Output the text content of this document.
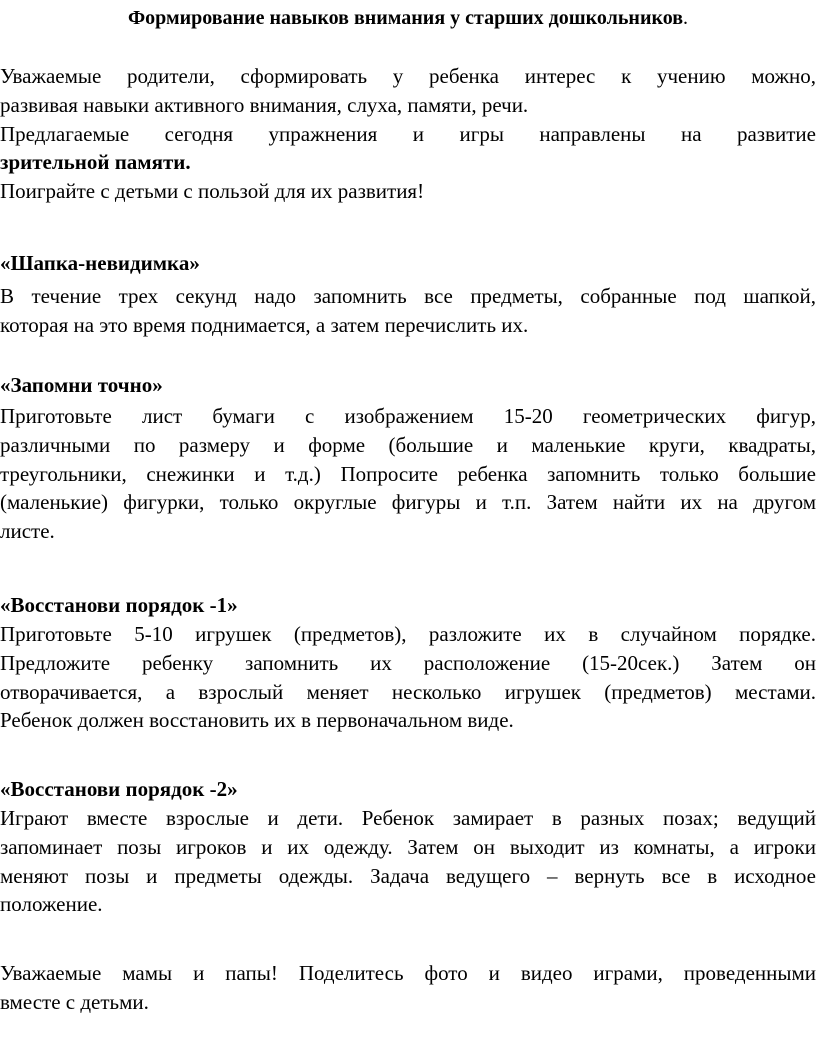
Формирование навыков внимания у старших дошкольников.
Уважаемые родители, сформировать у ребенка интерес к учению можно,
развивая навыки активного внимания, слуха, памяти, речи.
Предлагаемые сегодня упражнения и игры направлены на развитие
зрительной памяти.
Поиграйте с детьми с пользой для их развития!
«Шапка-невидимка»
В течение трех секунд надо запомнить все предметы, собранные под шапкой,
которая на это время поднимается, а затем перечислить их.
«Запомни точно»
Приготовьте лист бумаги с изображением 15-20 геометрических фигур,
различными по размеру и форме (большие и маленькие круги, квадраты,
треугольники, снежинки и т.д.) Попросите ребенка запомнить только большие
(маленькие) фигурки, только округлые фигуры и т.п. Затем найти их на другом
листе.
«Восстанови порядок -1»
Приготовьте 5-10 игрушек (предметов), разложите их в случайном порядке.
Предложите ребенку запомнить их расположение (15-20сек.) Затем он
отворачивается, а взрослый меняет несколько игрушек (предметов) местами.
Ребенок должен восстановить их в первоначальном виде.
«Восстанови порядок -2»
Играют вместе взрослые и дети. Ребенок замирает в разных позах; ведущий
запоминает позы игроков и их одежду. Затем он выходит из комнаты, а игроки
меняют позы и предметы одежды. Задача ведущего – вернуть все в исходное
положение.
Уважаемые мамы и папы! Поделитесь фото и видео играми, проведенными
вместе с детьми.
